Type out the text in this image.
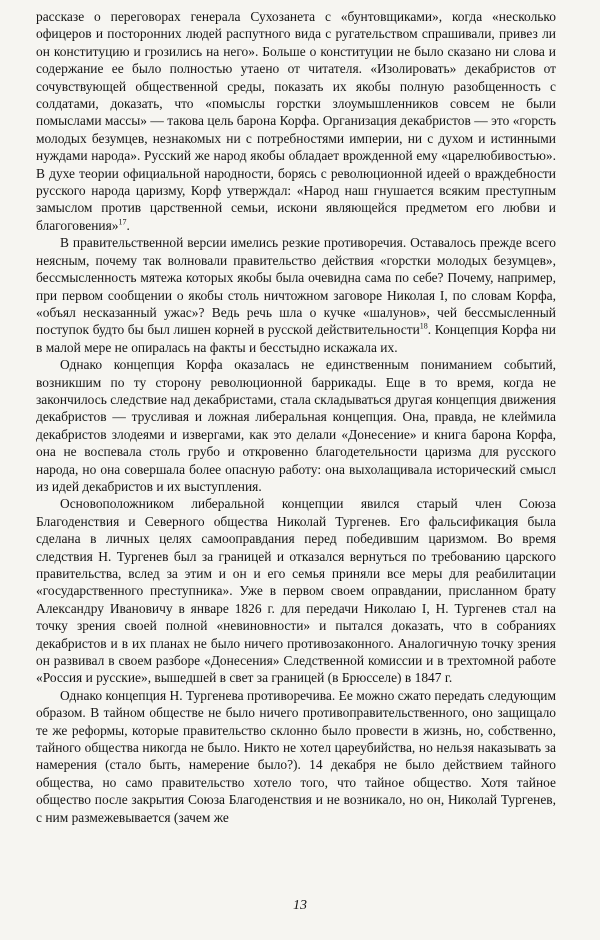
рассказе о переговорах генерала Сухозанета с «бунтовщиками», когда «несколько офицеров и посторонних людей распутного вида с ругательством спрашивали, привез ли он конституцию и грозились на него». Больше о конституции не было сказано ни слова и содержание ее было полностью утаено от читателя. «Изолировать» декабристов от сочувствующей общественной среды, показать их якобы полную разобщенность с солдатами, доказать, что «помыслы горстки злоумышленников совсем не были помыслами массы» — такова цель барона Корфа. Организация декабристов — это «горсть молодых безумцев, незнакомых ни с потребностями империи, ни с духом и истинными нуждами народа». Русский же народ якобы обладает врожденной ему «царелюбивостью». В духе теории официальной народности, борясь с революционной идеей о враждебности русского народа царизму, Корф утверждал: «Народ наш гнушается всяким преступным замыслом против царственной семьи, искони являющейся предметом его любви и благоговения»$^{17}$.

В правительственной версии имелись резкие противоречия. Оставалось прежде всего неясным, почему так волновали правительство действия «горстки молодых безумцев», бессмысленность мятежа которых якобы была очевидна сама по себе? Почему, например, при первом сообщении о якобы столь ничтожном заговоре Николая I, по словам Корфа, «объял несказанный ужас»? Ведь речь шла о кучке «шалунов», чей бессмысленный поступок будто бы был лишен корней в русской действительности$^{18}$. Концепция Корфа ни в малой мере не опиралась на факты и бесстыдно искажала их.

Однако концепция Корфа оказалась не единственным пониманием событий, возникшим по ту сторону революционной баррикады. Еще в то время, когда не закончилось следствие над декабристами, стала складываться другая концепция движения декабристов — трусливая и ложная либеральная концепция. Она, правда, не клеймила декабристов злодеями и извергами, как это делали «Донесение» и книга барона Корфа, она не воспевала столь грубо и откровенно благодетельности царизма для русского народа, но она совершала более опасную работу: она выхолащивала исторический смысл из идей декабристов и их выступления.

Основоположником либеральной концепции явился старый член Союза Благоденствия и Северного общества Николай Тургенев. Его фальсификация была сделана в личных целях самооправдания перед победившим царизмом. Во время следствия Н. Тургенев был за границей и отказался вернуться по требованию царского правительства, вслед за этим и он и его семья приняли все меры для реабилитации «государственного преступника». Уже в первом своем оправдании, присланном брату Александру Ивановичу в январе 1826 г. для передачи Николаю I, Н. Тургенев стал на точку зрения своей полной «невиновности» и пытался доказать, что в собраниях декабристов и в их планах не было ничего противозаконного. Аналогичную точку зрения он развивал в своем разборе «Донесения» Следственной комиссии и в трехтомной работе «Россия и русские», вышедшей в свет за границей (в Брюсселе) в 1847 г.

Однако концепция Н. Тургенева противоречива. Ее можно сжато передать следующим образом. В тайном обществе не было ничего противоправительственного, оно защищало те же реформы, которые правительство склонно было провести в жизнь, но, собственно, тайного общества никогда не было. Никто не хотел цареубийства, но нельзя наказывать за намерения (стало быть, намерение было?). 14 декабря не было действием тайного общества, но само правительство хотело того, что тайное общество. Хотя тайное общество после закрытия Союза Благоденствия и не возникало, но он, Николай Тургенев, с ним размежевывается (зачем же

13
